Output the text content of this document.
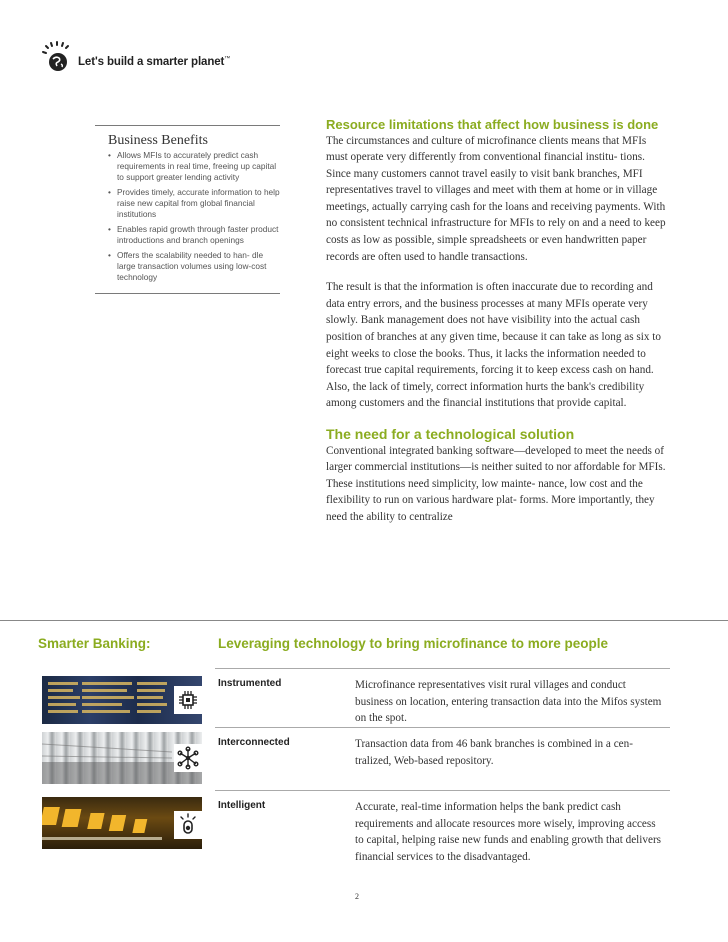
Let's build a smarter planet™
Business Benefits
• Allows MFIs to accurately predict cash requirements in real time, freeing up capital to support greater lending activity
• Provides timely, accurate information to help raise new capital from global financial institutions
• Enables rapid growth through faster product introductions and branch openings
• Offers the scalability needed to han- dle large transaction volumes using low-cost technology
Resource limitations that affect how business is done

The circumstances and culture of microfinance clients means that MFIs must operate very differently from conventional financial institu- tions. Since many customers cannot travel easily to visit bank branches, MFI representatives travel to villages and meet with them at home or in village meetings, actually carrying cash for the loans and receiving payments. With no consistent technical infrastructure for MFIs to rely on and a need to keep costs as low as possible, simple spreadsheets or even handwritten paper records are often used to handle transactions.

The result is that the information is often inaccurate due to recording and data entry errors, and the business processes at many MFIs operate very slowly. Bank management does not have visibility into the actual cash position of branches at any given time, because it can take as long as six to eight weeks to close the books. Thus, it lacks the information needed to forecast true capital requirements, forcing it to keep excess cash on hand. Also, the lack of timely, correct information hurts the bank's credibility among customers and the financial institutions that provide capital.

The need for a technological solution

Conventional integrated banking software—developed to meet the needs of larger commercial institutions—is neither suited to nor affordable for MFIs. These institutions need simplicity, low mainte- nance, low cost and the flexibility to run on various hardware plat- forms. More importantly, they need the ability to centralize

Smarter Banking:	Leveraging technology to bring microfinance to more people
Instrumented	Microfinance representatives visit rural villages and conduct business on location, entering transaction data into the Mifos system on the spot.
Interconnected	Transaction data from 46 bank branches is combined in a cen- tralized, Web-based repository.
Intelligent	Accurate, real-time information helps the bank predict cash requirements and allocate resources more wisely, improving access to capital, helping raise new funds and enabling growth that delivers financial services to the disadvantaged.
2
